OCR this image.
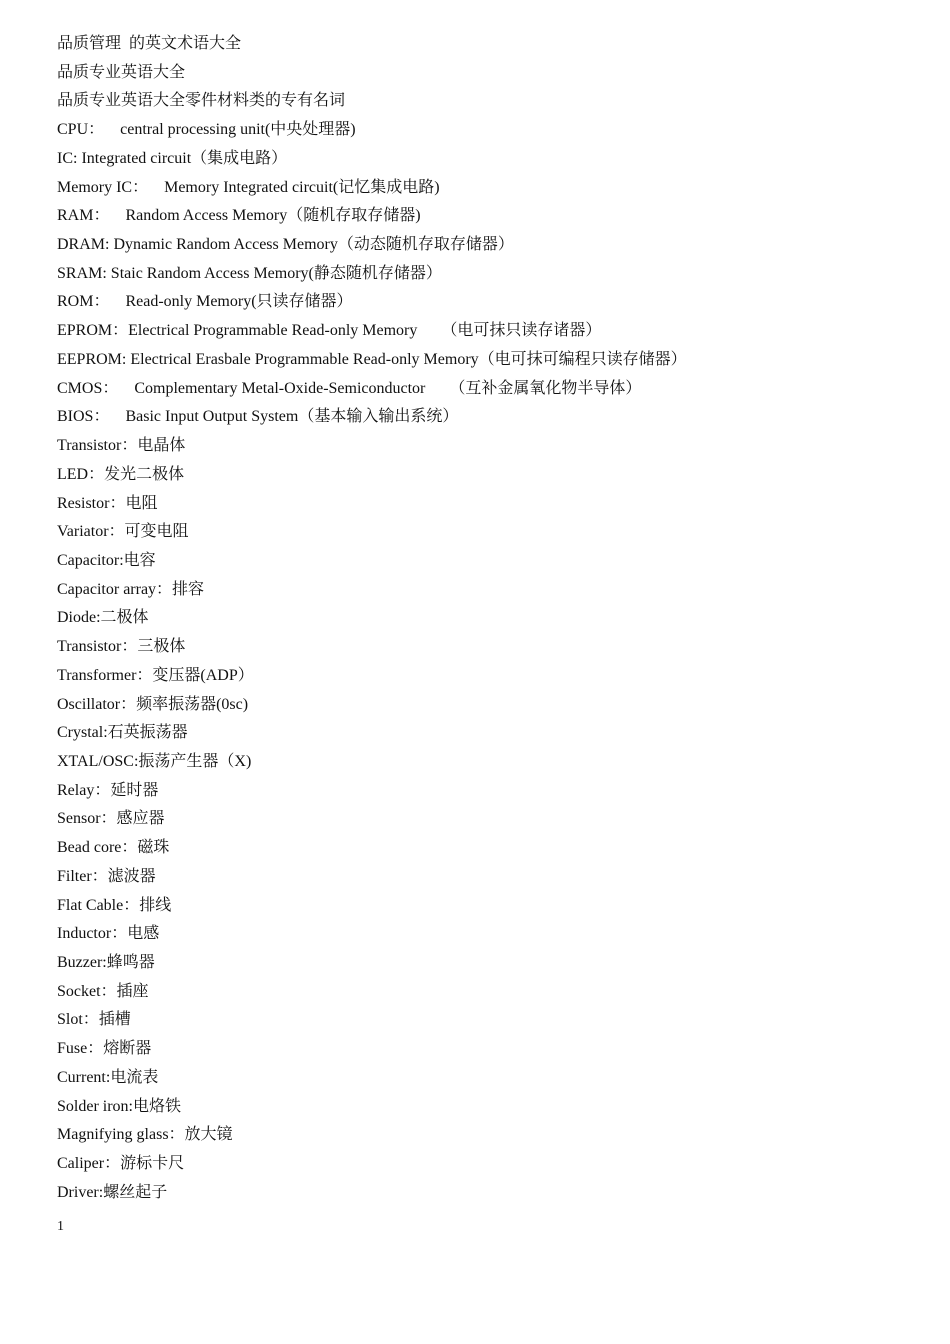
品质管理  的英文术语大全
品质专业英语大全
品质专业英语大全零件材料类的专有名词
CPU：    central processing unit(中央处理器)
IC: Integrated circuit（集成电路）
Memory IC：    Memory Integrated circuit(记忆集成电路)
RAM：    Random Access Memory（随机存取存储器)
DRAM: Dynamic Random Access Memory（动态随机存取存储器）
SRAM: Staic Random Access Memory(静态随机存储器）
ROM：    Read-only Memory(只读存储器）
EPROM：Electrical Programmable Read-only Memory      （电可抹只读存诸器）
EEPROM: Electrical Erasbale Programmable Read-only Memory（电可抹可编程只读存储器）
CMOS：    Complementary Metal-Oxide-Semiconductor      （互补金属氧化物半导体）
BIOS：    Basic Input Output System（基本输入输出系统）
Transistor：电晶体
LED：发光二极体
Resistor：电阻
Variator：可变电阻
Capacitor:电容
Capacitor array：排容
Diode:二极体
Transistor：三极体
Transformer：变压器(ADP）
Oscillator：频率振荡器(0sc)
Crystal:石英振荡器
XTAL/OSC:振荡产生器（X)
Relay：延时器
Sensor：感应器
Bead core：磁珠
Filter：滤波器
Flat Cable：排线
Inductor：电感
Buzzer:蜂鸣器
Socket：插座
Slot：插槽
Fuse：熔断器
Current:电流表
Solder iron:电烙铁
Magnifying glass：放大镜
Caliper：游标卡尺
Driver:螺丝起子
1
